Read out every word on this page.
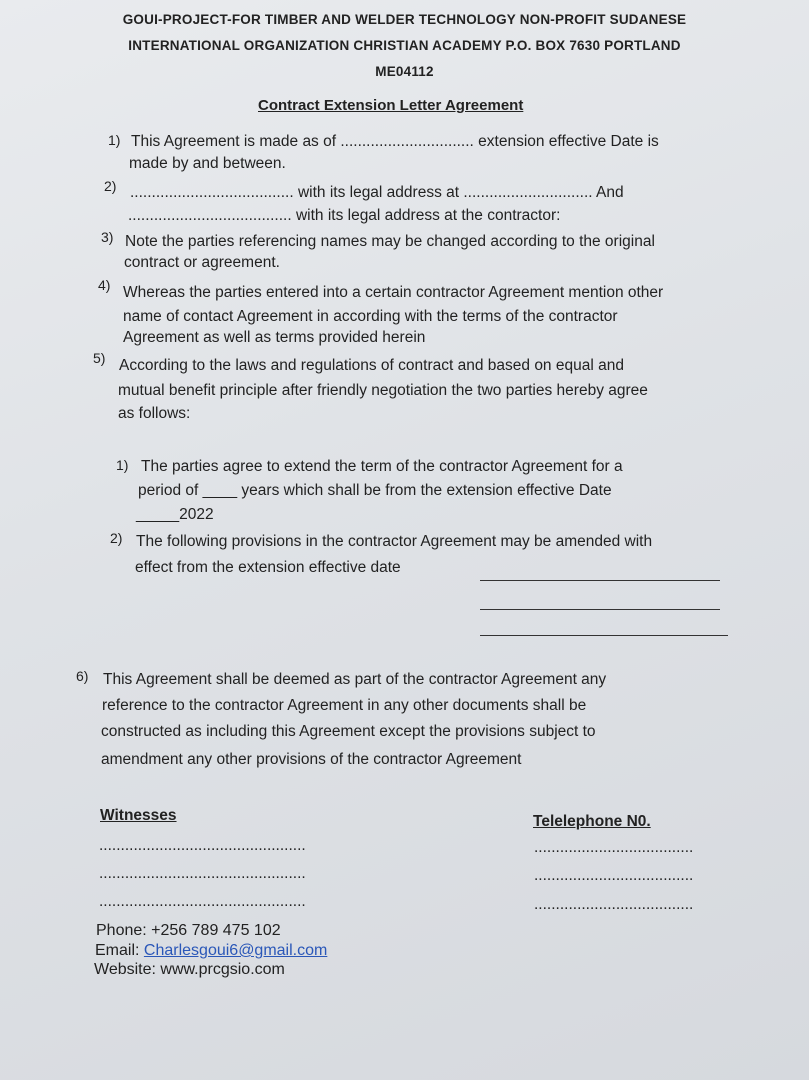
GOUI-PROJECT-FOR TIMBER AND WELDER TECHNOLOGY NON-PROFIT SUDANESE
INTERNATIONAL ORGANIZATION CHRISTIAN ACADEMY P.O. BOX 7630 PORTLAND
ME04112
Contract Extension Letter Agreement
1) This Agreement is made as of ............................... extension effective Date is
made by and between.
2) ...................................... with its legal address at .............................. And
...................................... with its legal address at the contractor:
3) Note the parties referencing names may be changed according to the original
contract or agreement.
4) Whereas the parties entered into a certain contractor Agreement mention other
name of contact Agreement in according with the terms of the contractor
Agreement as well as terms provided herein
5) According to the laws and regulations of contract and based on equal and
mutual benefit principle after friendly negotiation the two parties hereby agree
as follows:
1) The parties agree to extend the term of the contractor Agreement for a
period of ____ years which shall be from the extension effective Date
_____2022
2) The following provisions in the contractor Agreement may be amended with
effect from the extension effective date
6) This Agreement shall be deemed as part of the contractor Agreement any
reference to the contractor Agreement in any other documents shall be
constructed as including this Agreement except the provisions subject to
amendment any other provisions of the contractor Agreement
Witnesses	Telelephone N0.
................................................
................................................
................................................
.....................................
.....................................
.....................................
Phone: +256 789 475 102
Email: Charlesgoui6@gmail.com
Website: www.prcgsio.com
